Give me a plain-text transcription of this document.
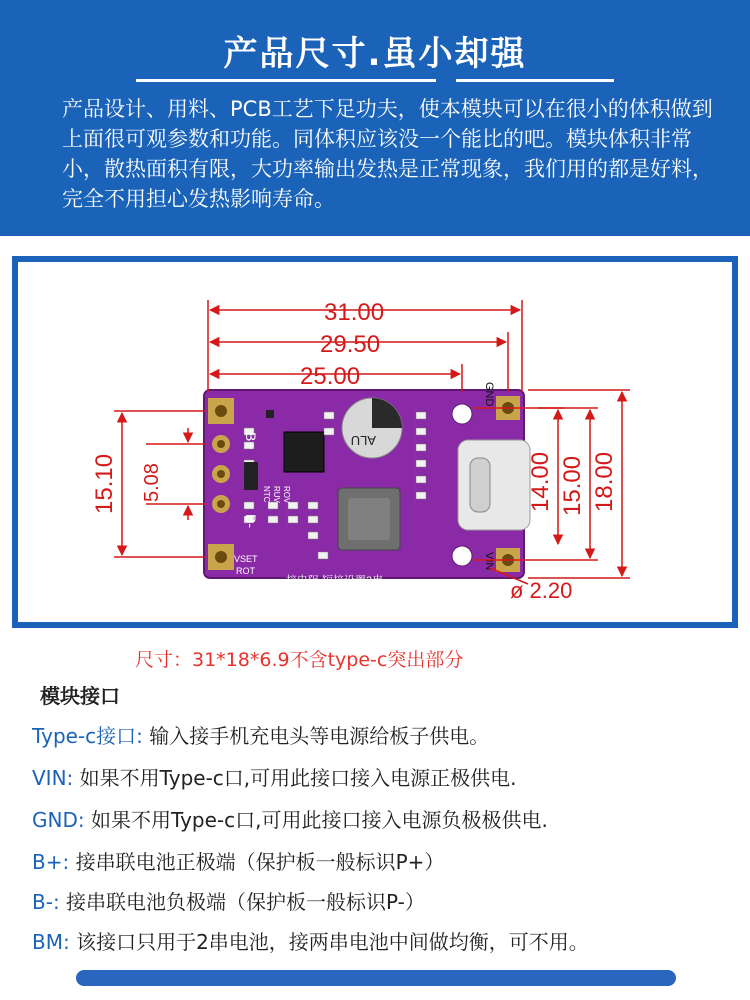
产品尺寸.虽小却强
产品设计、用料、PCB工艺下足功夫，使本模块可以在很小的体积做到上面很可观参数和功能。同体积应该没一个能比的吧。模块体积非常小，散热面积有限，大功率输出发热是正常现象，我们用的都是好料，完全不用担心发热影响寿命。
ALU
B+
B-
VSET
ROT
NTC RUV ROV
接电阻,短接设置3串
GND
VIN
31.00
29.50
25.00
18.00
15.00
14.00
15.10 5.08
ø 2.20
尺寸：31*18*6.9不含type-c突出部分
模块接口
Type-c接口: 输入接手机充电头等电源给板子供电。
VIN: 如果不用Type-c口,可用此接口接入电源正极供电.
GND: 如果不用Type-c口,可用此接口接入电源负极极供电.
B+: 接串联电池正极端（保护板一般标识P+）
B-: 接串联电池负极端（保护板一般标识P-）
BM: 该接口只用于2串电池，接两串电池中间做均衡，可不用。
